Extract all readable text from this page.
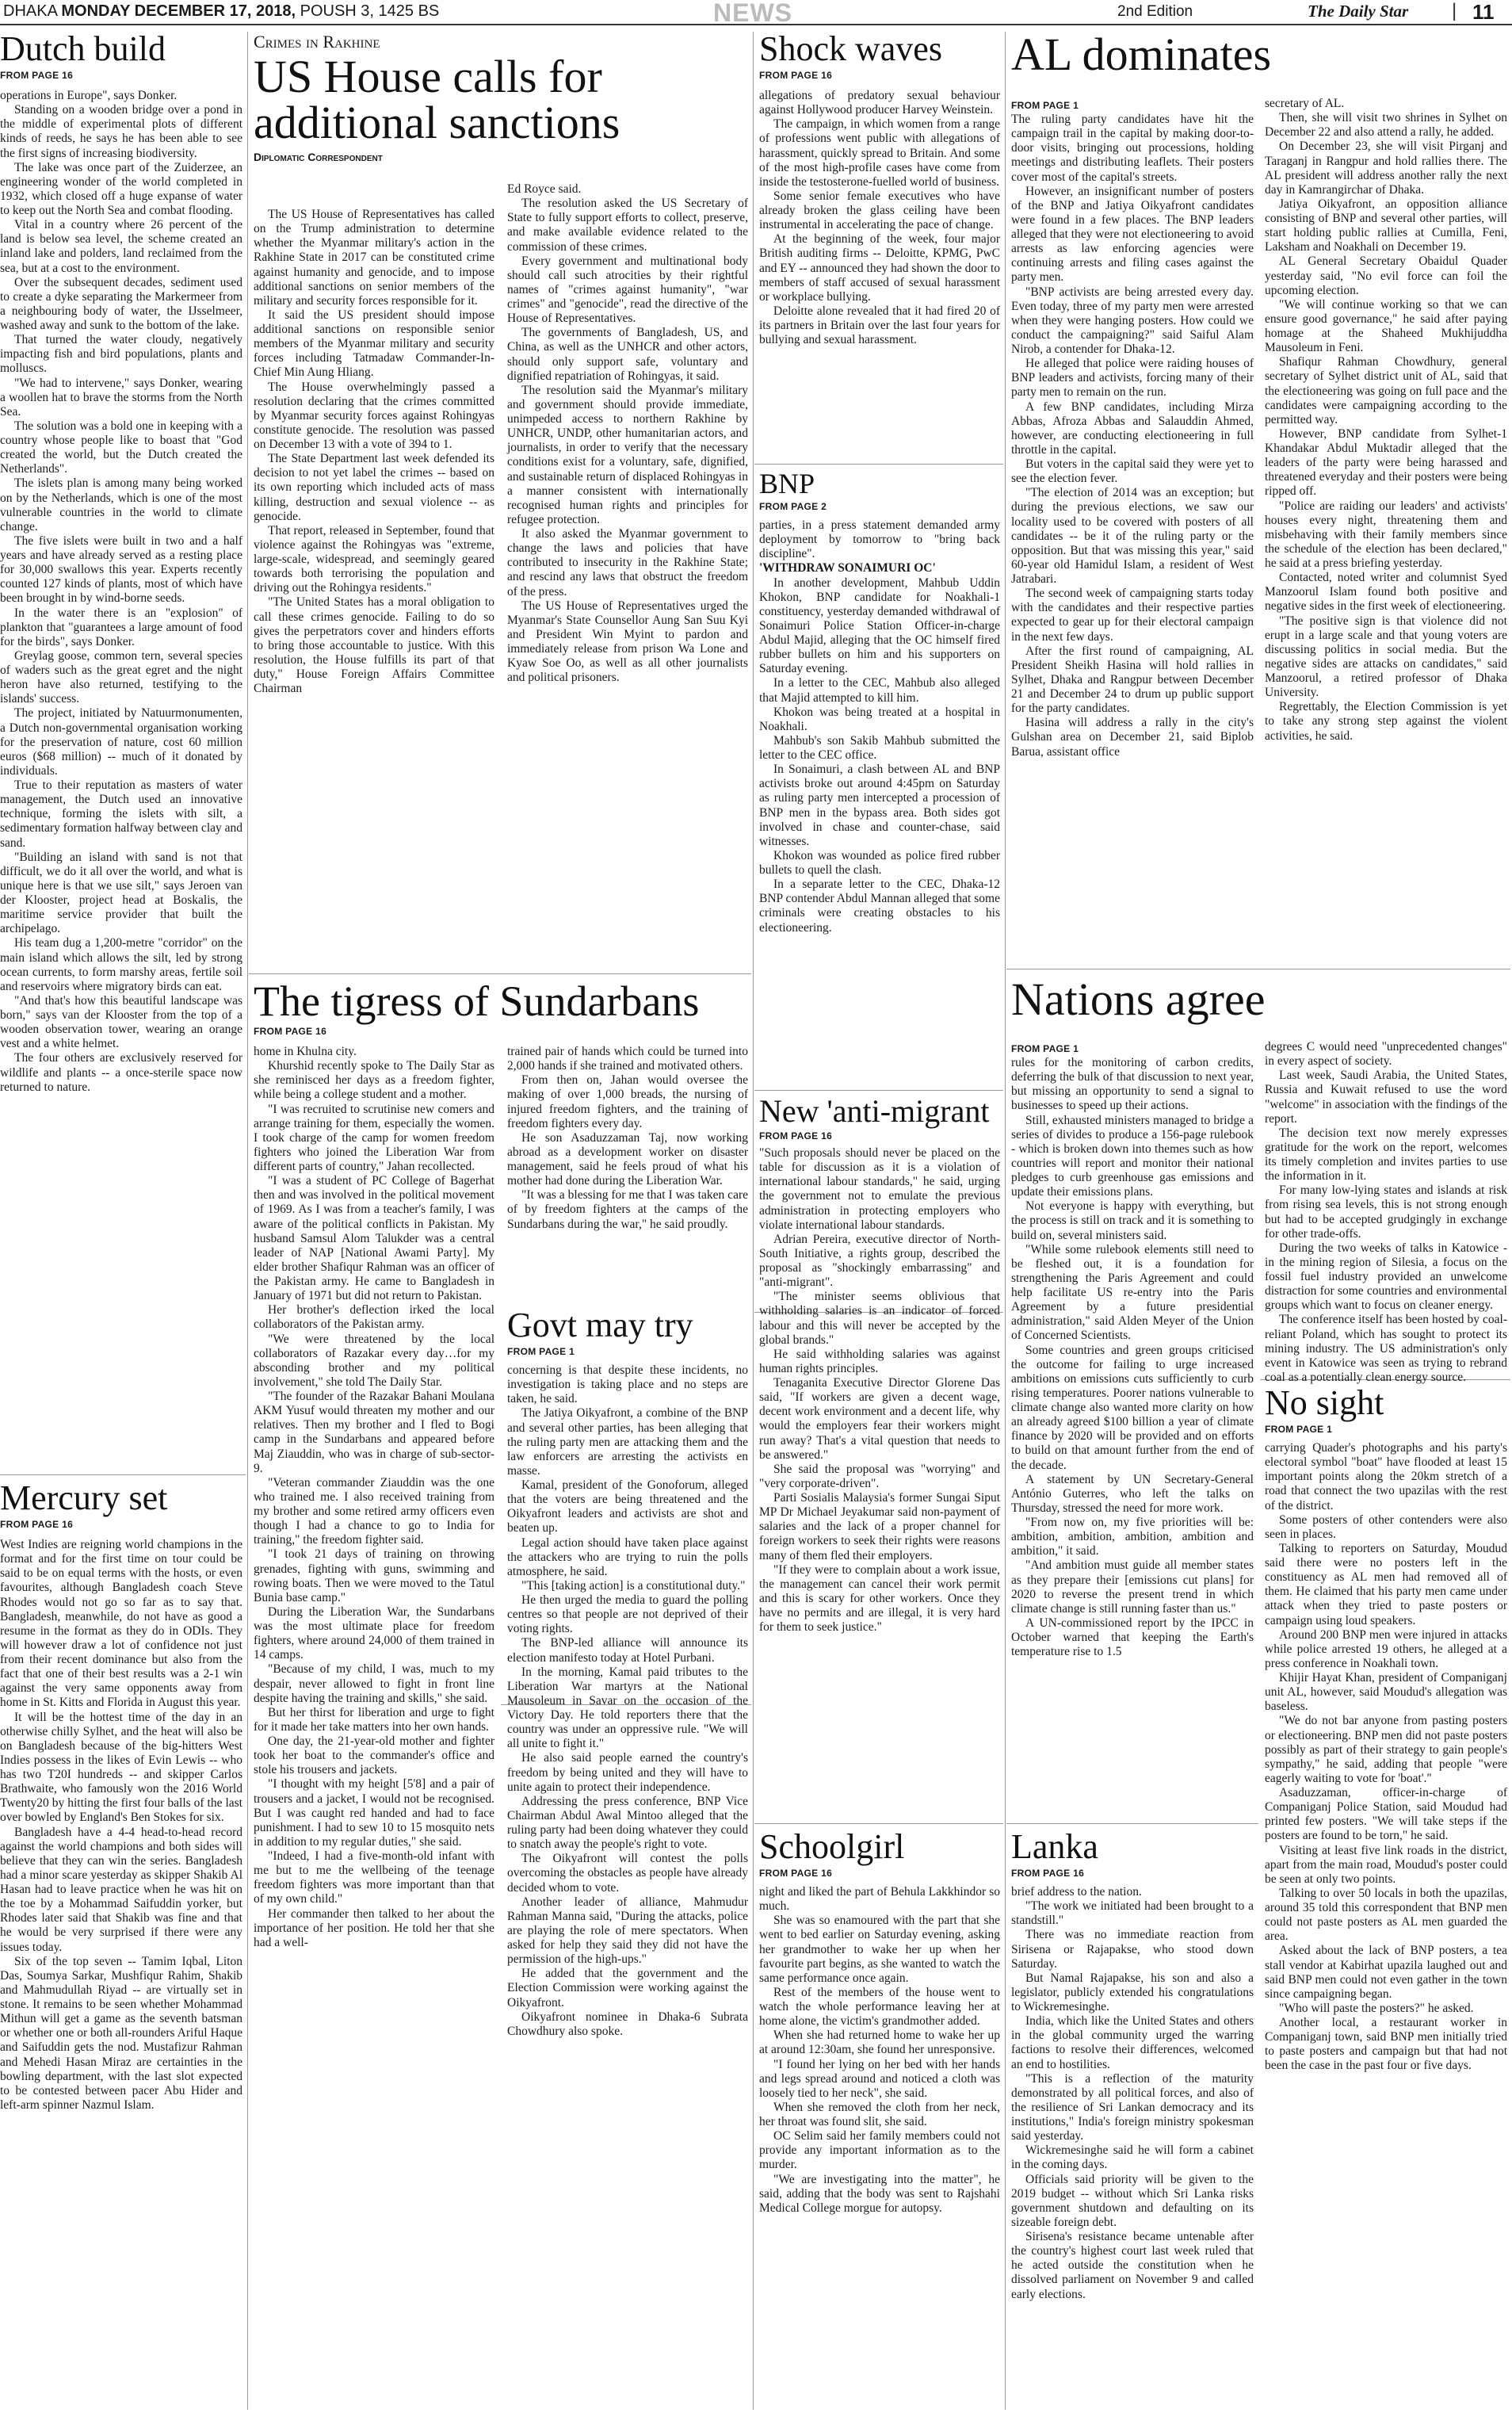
DHAKA MONDAY DECEMBER 17, 2018, POUSH 3, 1425 BS	NEWS	2nd Edition	The Daily Star | 11
Dutch build
FROM PAGE 16

operations in Europe", says Donker.

Standing on a wooden bridge over a pond in the middle of experimental plots of different kinds of reeds, he says he has been able to see the first signs of increasing biodiversity.

The lake was once part of the Zuiderzee, an engineering wonder of the world completed in 1932, which closed off a huge expanse of water to keep out the North Sea and combat flooding.

Vital in a country where 26 percent of the land is below sea level, the scheme created an inland lake and polders, land reclaimed from the sea, but at a cost to the environment.

Over the subsequent decades, sediment used to create a dyke separating the Markermeer from a neighbouring body of water, the IJsselmeer, washed away and sunk to the bottom of the lake.

That turned the water cloudy, negatively impacting fish and bird populations, plants and molluscs.

"We had to intervene," says Donker, wearing a woollen hat to brave the storms from the North Sea.

The solution was a bold one in keeping with a country whose people like to boast that "God created the world, but the Dutch created the Netherlands".

The islets plan is among many being worked on by the Netherlands, which is one of the most vulnerable countries in the world to climate change.

The five islets were built in two and a half years and have already served as a resting place for 30,000 swallows this year. Experts recently counted 127 kinds of plants, most of which have been brought in by wind-borne seeds.

In the water there is an "explosion" of plankton that "guarantees a large amount of food for the birds", says Donker.

Greylag goose, common tern, several species of waders such as the great egret and the night heron have also returned, testifying to the islands' success.

The project, initiated by Natuurmonumenten, a Dutch non-governmental organisation working for the preservation of nature, cost 60 million euros ($68 million) -- much of it donated by individuals.

True to their reputation as masters of water management, the Dutch used an innovative technique, forming the islets with silt, a sedimentary formation halfway between clay and sand.

"Building an island with sand is not that difficult, we do it all over the world, and what is unique here is that we use silt," says Jeroen van der Klooster, project head at Boskalis, the maritime service provider that built the archipelago.

His team dug a 1,200-metre "corridor" on the main island which allows the silt, led by strong ocean currents, to form marshy areas, fertile soil and reservoirs where migratory birds can eat.

"And that's how this beautiful landscape was born," says van der Klooster from the top of a wooden observation tower, wearing an orange vest and a white helmet.

The four others are exclusively reserved for wildlife and plants -- a once-sterile space now returned to nature.

Mercury set
FROM PAGE 16

West Indies are reigning world champions in the format and for the first time on tour could be said to be on equal terms with the hosts, or even favourites, although Bangladesh coach Steve Rhodes would not go so far as to say that. Bangladesh, meanwhile, do not have as good a resume in the format as they do in ODIs. They will however draw a lot of confidence not just from their recent dominance but also from the fact that one of their best results was a 2-1 win against the very same opponents away from home in St. Kitts and Florida in August this year.

It will be the hottest time of the day in an otherwise chilly Sylhet, and the heat will also be on Bangladesh because of the big-hitters West Indies possess in the likes of Evin Lewis -- who has two T20I hundreds -- and skipper Carlos Brathwaite, who famously won the 2016 World Twenty20 by hitting the first four balls of the last over bowled by England's Ben Stokes for six.

Bangladesh have a 4-4 head-to-head record against the world champions and both sides will believe that they can win the series. Bangladesh had a minor scare yesterday as skipper Shakib Al Hasan had to leave practice when he was hit on the toe by a Mohammad Saifuddin yorker, but Rhodes later said that Shakib was fine and that he would be very surprised if there were any issues today.

Six of the top seven -- Tamim Iqbal, Liton Das, Soumya Sarkar, Mushfiqur Rahim, Shakib and Mahmudullah Riyad -- are virtually set in stone. It remains to be seen whether Mohammad Mithun will get a game as the seventh batsman or whether one or both all-rounders Ariful Haque and Saifuddin gets the nod. Mustafizur Rahman and Mehedi Hasan Miraz are certainties in the bowling department, with the last slot expected to be contested between pacer Abu Hider and left-arm spinner Nazmul Islam.

Crimes in Rakhine
US House calls for additional sanctions
Diplomatic Correspondent

The US House of Representatives has called on the Trump administration to determine whether the Myanmar military's action in the Rakhine State in 2017 can be constituted crime against humanity and genocide, and to impose additional sanctions on senior members of the military and security forces responsible for it.

It said the US president should impose additional sanctions on responsible senior members of the Myanmar military and security forces including Tatmadaw Commander-In-Chief Min Aung Hliang.

The House overwhelmingly passed a resolution declaring that the crimes committed by Myanmar security forces against Rohingyas constitute genocide. The resolution was passed on December 13 with a vote of 394 to 1.

The State Department last week defended its decision to not yet label the crimes -- based on its own reporting which included acts of mass killing, destruction and sexual violence -- as genocide.

That report, released in September, found that violence against the Rohingyas was "extreme, large-scale, widespread, and seemingly geared towards both terrorising the population and driving out the Rohingya residents."

"The United States has a moral obligation to call these crimes genocide. Failing to do so gives the perpetrators cover and hinders efforts to bring those accountable to justice. With this resolution, the House fulfills its part of that duty," House Foreign Affairs Committee Chairman

Ed Royce said.

The resolution asked the US Secretary of State to fully support efforts to collect, preserve, and make available evidence related to the commission of these crimes.

Every government and multinational body should call such atrocities by their rightful names of "crimes against humanity", "war crimes" and "genocide", read the directive of the House of Representatives.

The governments of Bangladesh, US, and China, as well as the UNHCR and other actors, should only support safe, voluntary and dignified repatriation of Rohingyas, it said.

The resolution said the Myanmar's military and government should provide immediate, unimpeded access to northern Rakhine by UNHCR, UNDP, other humanitarian actors, and journalists, in order to verify that the necessary conditions exist for a voluntary, safe, dignified, and sustainable return of displaced Rohingyas in a manner consistent with internationally recognised human rights and principles for refugee protection.

It also asked the Myanmar government to change the laws and policies that have contributed to insecurity in the Rakhine State; and rescind any laws that obstruct the freedom of the press.

The US House of Representatives urged the Myanmar's State Counsellor Aung San Suu Kyi and President Win Myint to pardon and immediately release from prison Wa Lone and Kyaw Soe Oo, as well as all other journalists and political prisoners.

The tigress of Sundarbans
FROM PAGE 16

home in Khulna city.

Khurshid recently spoke to The Daily Star as she reminisced her days as a freedom fighter, while being a college student and a mother.

"I was recruited to scrutinise new comers and arrange training for them, especially the women. I took charge of the camp for women freedom fighters who joined the Liberation War from different parts of country," Jahan recollected.

"I was a student of PC College of Bagerhat then and was involved in the political movement of 1969. As I was from a teacher's family, I was aware of the political conflicts in Pakistan. My husband Samsul Alom Talukder was a central leader of NAP [National Awami Party]. My elder brother Shafiqur Rahman was an officer of the Pakistan army. He came to Bangladesh in January of 1971 but did not return to Pakistan.

Her brother's deflection irked the local collaborators of the Pakistan army.

"We were threatened by the local collaborators of Razakar every day…for my absconding brother and my political involvement," she told The Daily Star.

"The founder of the Razakar Bahani Moulana AKM Yusuf would threaten my mother and our relatives. Then my brother and I fled to Bogi camp in the Sundarbans and appeared before Maj Ziauddin, who was in charge of sub-sector-9.

"Veteran commander Ziauddin was the one who trained me. I also received training from my brother and some retired army officers even though I had a chance to go to India for training," the freedom fighter said.

"I took 21 days of training on throwing grenades, fighting with guns, swimming and rowing boats. Then we were moved to the Tatul Bunia base camp."

During the Liberation War, the Sundarbans was the most ultimate place for freedom fighters, where around 24,000 of them trained in 14 camps.

"Because of my child, I was, much to my despair, never allowed to fight in front line despite having the training and skills," she said.

But her thirst for liberation and urge to fight for it made her take matters into her own hands.

One day, the 21-year-old mother and fighter took her boat to the commander's office and stole his trousers and jackets.

"I thought with my height [5'8] and a pair of trousers and a jacket, I would not be recognised. But I was caught red handed and had to face punishment. I had to sew 10 to 15 mosquito nets in addition to my regular duties," she said.

"Indeed, I had a five-month-old infant with me but to me the wellbeing of the teenage freedom fighters was more important than that of my own child."

Her commander then talked to her about the importance of her position. He told her that she had a well-

trained pair of hands which could be turned into 2,000 hands if she trained and motivated others.

From then on, Jahan would oversee the making of over 1,000 breads, the nursing of injured freedom fighters, and the training of freedom fighters every day.

He son Asaduzzaman Taj, now working abroad as a development worker on disaster management, said he feels proud of what his mother had done during the Liberation War.

"It was a blessing for me that I was taken care of by freedom fighters at the camps of the Sundarbans during the war," he said proudly.

Govt may try
FROM PAGE 1

concerning is that despite these incidents, no investigation is taking place and no steps are taken, he said.

The Jatiya Oikyafront, a combine of the BNP and several other parties, has been alleging that the ruling party men are attacking them and the law enforcers are arresting the activists en masse.

Kamal, president of the Gonoforum, alleged that the voters are being threatened and the Oikyafront leaders and activists are shot and beaten up.

Legal action should have taken place against the attackers who are trying to ruin the polls atmosphere, he said.

"This [taking action] is a constitutional duty."

He then urged the media to guard the polling centres so that people are not deprived of their voting rights.

The BNP-led alliance will announce its election manifesto today at Hotel Purbani.

In the morning, Kamal paid tributes to the Liberation War martyrs at the National Mausoleum in Savar on the occasion of the Victory Day. He told reporters there that the country was under an oppressive rule. "We will all unite to fight it."

He also said people earned the country's freedom by being united and they will have to unite again to protect their independence.

Addressing the press conference, BNP Vice Chairman Abdul Awal Mintoo alleged that the ruling party had been doing whatever they could to snatch away the people's right to vote.

The Oikyafront will contest the polls overcoming the obstacles as people have already decided whom to vote.

Another leader of alliance, Mahmudur Rahman Manna said, "During the attacks, police are playing the role of mere spectators. When asked for help they said they did not have the permission of the high-ups."

He added that the government and the Election Commission were working against the Oikyafront.

Oikyafront nominee in Dhaka-6 Subrata Chowdhury also spoke.

Shock waves
FROM PAGE 16

allegations of predatory sexual behaviour against Hollywood producer Harvey Weinstein.

The campaign, in which women from a range of professions went public with allegations of harassment, quickly spread to Britain. And some of the most high-profile cases have come from inside the testosterone-fuelled world of business.

Some senior female executives who have already broken the glass ceiling have been instrumental in accelerating the pace of change.

At the beginning of the week, four major British auditing firms -- Deloitte, KPMG, PwC and EY -- announced they had shown the door to members of staff accused of sexual harassment or workplace bullying.

Deloitte alone revealed that it had fired 20 of its partners in Britain over the last four years for bullying and sexual harassment.

BNP
FROM PAGE 2

parties, in a press statement demanded army deployment by tomorrow to "bring back discipline".

'WITHDRAW SONAIMURI OC'

In another development, Mahbub Uddin Khokon, BNP candidate for Noakhali-1 constituency, yesterday demanded withdrawal of Sonaimuri Police Station Officer-in-charge Abdul Majid, alleging that the OC himself fired rubber bullets on him and his supporters on Saturday evening.

In a letter to the CEC, Mahbub also alleged that Majid attempted to kill him.

Khokon was being treated at a hospital in Noakhali.

Mahbub's son Sakib Mahbub submitted the letter to the CEC office.

In Sonaimuri, a clash between AL and BNP activists broke out around 4:45pm on Saturday as ruling party men intercepted a procession of BNP men in the bypass area. Both sides got involved in chase and counter-chase, said witnesses.

Khokon was wounded as police fired rubber bullets to quell the clash.

In a separate letter to the CEC, Dhaka-12 BNP contender Abdul Mannan alleged that some criminals were creating obstacles to his electioneering.

New 'anti-migrant
FROM PAGE 16

"Such proposals should never be placed on the table for discussion as it is a violation of international labour standards," he said, urging the government not to emulate the previous administration in protecting employers who violate international labour standards.

Adrian Pereira, executive director of North-South Initiative, a rights group, described the proposal as "shockingly embarrassing" and "anti-migrant".

"The minister seems oblivious that withholding salaries is an indicator of forced labour and this will never be accepted by the global brands."

He said withholding salaries was against human rights principles.

Tenaganita Executive Director Glorene Das said, "If workers are given a decent wage, decent work environment and a decent life, why would the employers fear their workers might run away? That's a vital question that needs to be answered."

She said the proposal was "worrying" and "very corporate-driven".

Parti Sosialis Malaysia's former Sungai Siput MP Dr Michael Jeyakumar said non-payment of salaries and the lack of a proper channel for foreign workers to seek their rights were reasons many of them fled their employers.

"If they were to complain about a work issue, the management can cancel their work permit and this is scary for other workers. Once they have no permits and are illegal, it is very hard for them to seek justice."

Schoolgirl
FROM PAGE 16

night and liked the part of Behula Lakkhindor so much.

She was so enamoured with the part that she went to bed earlier on Saturday evening, asking her grandmother to wake her up when her favourite part begins, as she wanted to watch the same performance once again.

Rest of the members of the house went to watch the whole performance leaving her at home alone, the victim's grandmother added.

When she had returned home to wake her up at around 12:30am, she found her unresponsive.

"I found her lying on her bed with her hands and legs spread around and noticed a cloth was loosely tied to her neck", she said.

When she removed the cloth from her neck, her throat was found slit, she said.

OC Selim said her family members could not provide any important information as to the murder.

"We are investigating into the matter", he said, adding that the body was sent to Rajshahi Medical College morgue for autopsy.

AL dominates
FROM PAGE 1

The ruling party candidates have hit the campaign trail in the capital by making door-to-door visits, bringing out processions, holding meetings and distributing leaflets. Their posters cover most of the capital's streets.

However, an insignificant number of posters of the BNP and Jatiya Oikyafront candidates were found in a few places. The BNP leaders alleged that they were not electioneering to avoid arrests as law enforcing agencies were continuing arrests and filing cases against the party men.

"BNP activists are being arrested every day. Even today, three of my party men were arrested when they were hanging posters. How could we conduct the campaigning?" said Saiful Alam Nirob, a contender for Dhaka-12.

He alleged that police were raiding houses of BNP leaders and activists, forcing many of their party men to remain on the run.

A few BNP candidates, including Mirza Abbas, Afroza Abbas and Salauddin Ahmed, however, are conducting electioneering in full throttle in the capital.

But voters in the capital said they were yet to see the election fever.

"The election of 2014 was an exception; but during the previous elections, we saw our locality used to be covered with posters of all candidates -- be it of the ruling party or the opposition. But that was missing this year," said 60-year old Hamidul Islam, a resident of West Jatrabari.

The second week of campaigning starts today with the candidates and their respective parties expected to gear up for their electoral campaign in the next few days.

After the first round of campaigning, AL President Sheikh Hasina will hold rallies in Sylhet, Dhaka and Rangpur between December 21 and December 24 to drum up public support for the party candidates.

Hasina will address a rally in the city's Gulshan area on December 21, said Biplob Barua, assistant office

secretary of AL.

Then, she will visit two shrines in Sylhet on December 22 and also attend a rally, he added.

On December 23, she will visit Pirganj and Taraganj in Rangpur and hold rallies there. The AL president will address another rally the next day in Kamrangirchar of Dhaka.

Jatiya Oikyafront, an opposition alliance consisting of BNP and several other parties, will start holding public rallies at Cumilla, Feni, Laksham and Noakhali on December 19.

AL General Secretary Obaidul Quader yesterday said, "No evil force can foil the upcoming election.

"We will continue working so that we can ensure good governance," he said after paying homage at the Shaheed Mukhijuddha Mausoleum in Feni.

Shafiqur Rahman Chowdhury, general secretary of Sylhet district unit of AL, said that the electioneering was going on full pace and the candidates were campaigning according to the permitted way.

However, BNP candidate from Sylhet-1 Khandakar Abdul Muktadir alleged that the leaders of the party were being harassed and threatened everyday and their posters were being ripped off.

"Police are raiding our leaders' and activists' houses every night, threatening them and misbehaving with their family members since the schedule of the election has been declared," he said at a press briefing yesterday.

Contacted, noted writer and columnist Syed Manzoorul Islam found both positive and negative sides in the first week of electioneering.

"The positive sign is that violence did not erupt in a large scale and that young voters are discussing politics in social media. But the negative sides are attacks on candidates," said Manzoorul, a retired professor of Dhaka University.

Regrettably, the Election Commission is yet to take any strong step against the violent activities, he said.

Nations agree
FROM PAGE 1

rules for the monitoring of carbon credits, deferring the bulk of that discussion to next year, but missing an opportunity to send a signal to businesses to speed up their actions.

Still, exhausted ministers managed to bridge a series of divides to produce a 156-page rulebook - which is broken down into themes such as how countries will report and monitor their national pledges to curb greenhouse gas emissions and update their emissions plans.

Not everyone is happy with everything, but the process is still on track and it is something to build on, several ministers said.

"While some rulebook elements still need to be fleshed out, it is a foundation for strengthening the Paris Agreement and could help facilitate US re-entry into the Paris Agreement by a future presidential administration," said Alden Meyer of the Union of Concerned Scientists.

Some countries and green groups criticised the outcome for failing to urge increased ambitions on emissions cuts sufficiently to curb rising temperatures. Poorer nations vulnerable to climate change also wanted more clarity on how an already agreed $100 billion a year of climate finance by 2020 will be provided and on efforts to build on that amount further from the end of the decade.

A statement by UN Secretary-General António Guterres, who left the talks on Thursday, stressed the need for more work.

"From now on, my five priorities will be: ambition, ambition, ambition, ambition and ambition," it said.

"And ambition must guide all member states as they prepare their [emissions cut plans] for 2020 to reverse the present trend in which climate change is still running faster than us."

A UN-commissioned report by the IPCC in October warned that keeping the Earth's temperature rise to 1.5

degrees C would need "unprecedented changes" in every aspect of society.

Last week, Saudi Arabia, the United States, Russia and Kuwait refused to use the word "welcome" in association with the findings of the report.

The decision text now merely expresses gratitude for the work on the report, welcomes its timely completion and invites parties to use the information in it.

For many low-lying states and islands at risk from rising sea levels, this is not strong enough but had to be accepted grudgingly in exchange for other trade-offs.

During the two weeks of talks in Katowice - in the mining region of Silesia, a focus on the fossil fuel industry provided an unwelcome distraction for some countries and environmental groups which want to focus on cleaner energy.

The conference itself has been hosted by coal-reliant Poland, which has sought to protect its mining industry. The US administration's only event in Katowice was seen as trying to rebrand coal as a potentially clean energy source.

No sight
FROM PAGE 1

carrying Quader's photographs and his party's electoral symbol "boat" have flooded at least 15 important points along the 20km stretch of a road that connect the two upazilas with the rest of the district.

Some posters of other contenders were also seen in places.

Talking to reporters on Saturday, Moudud said there were no posters left in the constituency as AL men had removed all of them. He claimed that his party men came under attack when they tried to paste posters or campaign using loud speakers.

Around 200 BNP men were injured in attacks while police arrested 19 others, he alleged at a press conference in Noakhali town.

Khijir Hayat Khan, president of Companiganj unit AL, however, said Moudud's allegation was baseless.

"We do not bar anyone from pasting posters or electioneering. BNP men did not paste posters possibly as part of their strategy to gain people's sympathy," he said, adding that people "were eagerly waiting to vote for 'boat'."

Asaduzzaman, officer-in-charge of Companiganj Police Station, said Moudud had printed few posters. "We will take steps if the posters are found to be torn," he said.

Visiting at least five link roads in the district, apart from the main road, Moudud's poster could be seen at only two points.

Talking to over 50 locals in both the upazilas, around 35 told this correspondent that BNP men could not paste posters as AL men guarded the area.

Asked about the lack of BNP posters, a tea stall vendor at Kabirhat upazila laughed out and said BNP men could not even gather in the town since campaigning began.

"Who will paste the posters?" he asked.

Another local, a restaurant worker in Companiganj town, said BNP men initially tried to paste posters and campaign but that had not been the case in the past four or five days.

Lanka
FROM PAGE 16

brief address to the nation.

"The work we initiated had been brought to a standstill."

There was no immediate reaction from Sirisena or Rajapakse, who stood down Saturday.

But Namal Rajapakse, his son and also a legislator, publicly extended his congratulations to Wickremesinghe.

India, which like the United States and others in the global community urged the warring factions to resolve their differences, welcomed an end to hostilities.

"This is a reflection of the maturity demonstrated by all political forces, and also of the resilience of Sri Lankan democracy and its institutions," India's foreign ministry spokesman said yesterday.

Wickremesinghe said he will form a cabinet in the coming days.

Officials said priority will be given to the 2019 budget -- without which Sri Lanka risks government shutdown and defaulting on its sizeable foreign debt.

Sirisena's resistance became untenable after the country's highest court last week ruled that he acted outside the constitution when he dissolved parliament on November 9 and called early elections.
